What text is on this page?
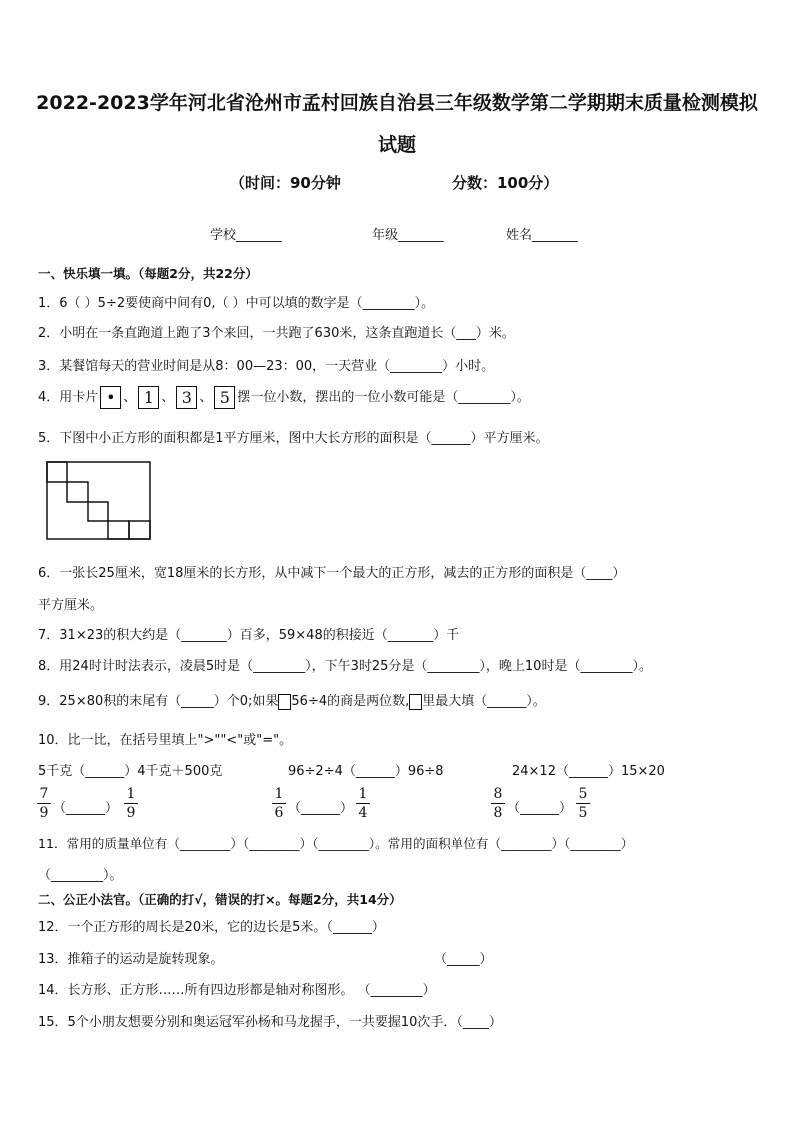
2022-2023学年河北省沧州市孟村回族自治县三年级数学第二学期期末质量检测模拟
试题
（时间：90分钟	分数：100分）
学校_______	年级_______	姓名_______
一、快乐填一填。（每题2分，共22分）
1．6（ ）5÷2要使商中间有0,（ ）中可以填的数字是（________）。
2．小明在一条直跑道上跑了3个来回，一共跑了630米，这条直跑道长（___）米。
3．某餐馆每天的营业时间是从8：00—23：00，一天营业（________）小时。
4．用卡片 • 、 1 、 3 、 5 摆一位小数，摆出的一位小数可能是（________）。
5．下图中小正方形的面积都是1平方厘米，图中大长方形的面积是（______）平方厘米。
6．一张长25厘米，宽18厘米的长方形，从中减下一个最大的正方形，减去的正方形的面积是（____）
平方厘米。
7．31×23的积大约是（_______）百多，59×48的积接近（_______）千
8．用24时计时法表示，凌晨5时是（________），下午3时25分是（________），晚上10时是（________）。
9．25×80积的末尾有（_____）个0;如果 56÷4的商是两位数, 里最大填（______）。
10．比一比，在括号里填上">""<"或"="。
5千克（______）4千克＋500克	96÷2÷4（______）96÷8	24×12（______）15×20
$\frac{7}{9}$ （______） $\frac{1}{9}$	$\frac{1}{6}$ （______） $\frac{1}{4}$	$\frac{8}{8}$ （______） $\frac{5}{5}$
11．常用的质量单位有（________）（________）（________）。常用的面积单位有（________）（________）
（________）。
二、公正小法官。（正确的打√，错误的打×。每题2分，共14分）
12．一个正方形的周长是20米，它的边长是5米。（______）
13．推箱子的运动是旋转现象。	（_____）
14．长方形、正方形……所有四边形都是轴对称图形。 （________）
15．5个小朋友想要分别和奥运冠军孙杨和马龙握手，一共要握10次手．（____）
